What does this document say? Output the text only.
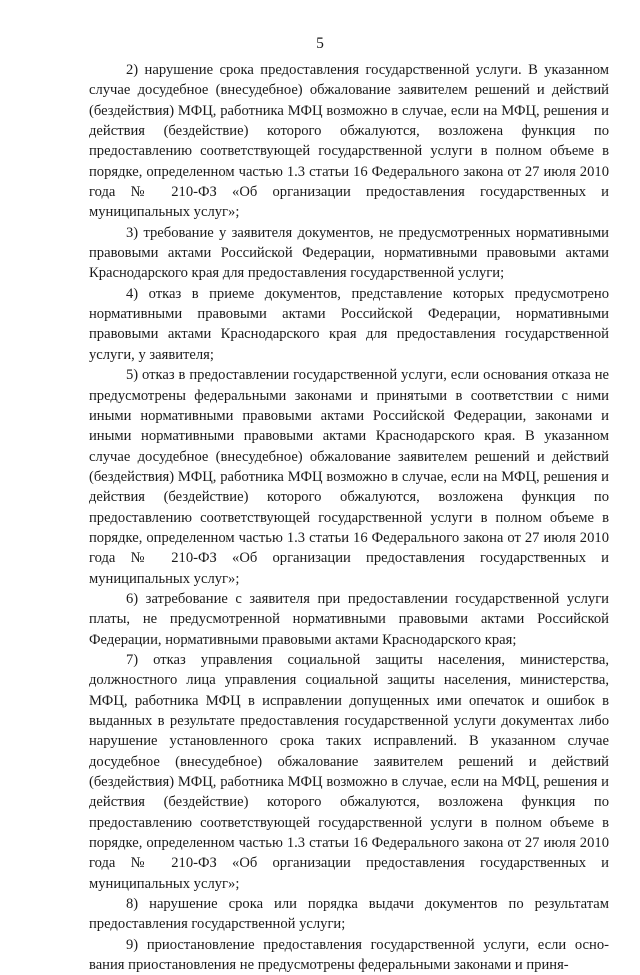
5

2) нарушение срока предоставления государственной услуги. В указанном случае досудебное (внесудебное) обжалование заявителем решений и действий (бездействия) МФЦ, работника МФЦ возможно в случае, если на МФЦ, решения и действия (бездействие) которого обжалуются, возложена функция по предоставлению соответствующей государственной услуги в полном объеме в порядке, определенном частью 1.3 статьи 16 Федерального закона от 27 июля 2010 года № 210-ФЗ «Об организации предоставления государственных и муниципальных услуг»;

3) требование у заявителя документов, не предусмотренных нормативными правовыми актами Российской Федерации, нормативными правовыми актами Краснодарского края для предоставления государственной услуги;

4) отказ в приеме документов, представление которых предусмотрено нормативными правовыми актами Российской Федерации, нормативными правовыми актами Краснодарского края для предоставления государственной услуги, у заявителя;

5) отказ в предоставлении государственной услуги, если основания отказа не предусмотрены федеральными законами и принятыми в соответствии с ними иными нормативными правовыми актами Российской Федерации, законами и иными нормативными правовыми актами Краснодарского края. В указанном случае досудебное (внесудебное) обжалование заявителем решений и действий (бездействия) МФЦ, работника МФЦ возможно в случае, если на МФЦ, решения и действия (бездействие) которого обжалуются, возложена функция по предоставлению соответствующей государственной услуги в полном объеме в порядке, определенном частью 1.3 статьи 16 Федерального закона от 27 июля 2010 года № 210-ФЗ «Об организации предоставления государственных и муниципальных услуг»;

6) затребование с заявителя при предоставлении государственной услуги платы, не предусмотренной нормативными правовыми актами Российской Федерации, нормативными правовыми актами Краснодарского края;

7) отказ управления социальной защиты населения, министерства, должностного лица управления социальной защиты населения, министерства, МФЦ, работника МФЦ в исправлении допущенных ими опечаток и ошибок в выданных в результате предоставления государственной услуги документах либо нарушение установленного срока таких исправлений. В указанном случае досудебное (внесудебное) обжалование заявителем решений и действий (бездействия) МФЦ, работника МФЦ возможно в случае, если на МФЦ, решения и действия (бездействие) которого обжалуются, возложена функция по предоставлению соответствующей государственной услуги в полном объеме в порядке, определенном частью 1.3 статьи 16 Федерального закона от 27 июля 2010 года № 210-ФЗ «Об организации предоставления государственных и муниципальных услуг»;

8) нарушение срока или порядка выдачи документов по результатам предоставления государственной услуги;

9) приостановление предоставления государственной услуги, если основания приостановления не предусмотрены федеральными законами и приня-
